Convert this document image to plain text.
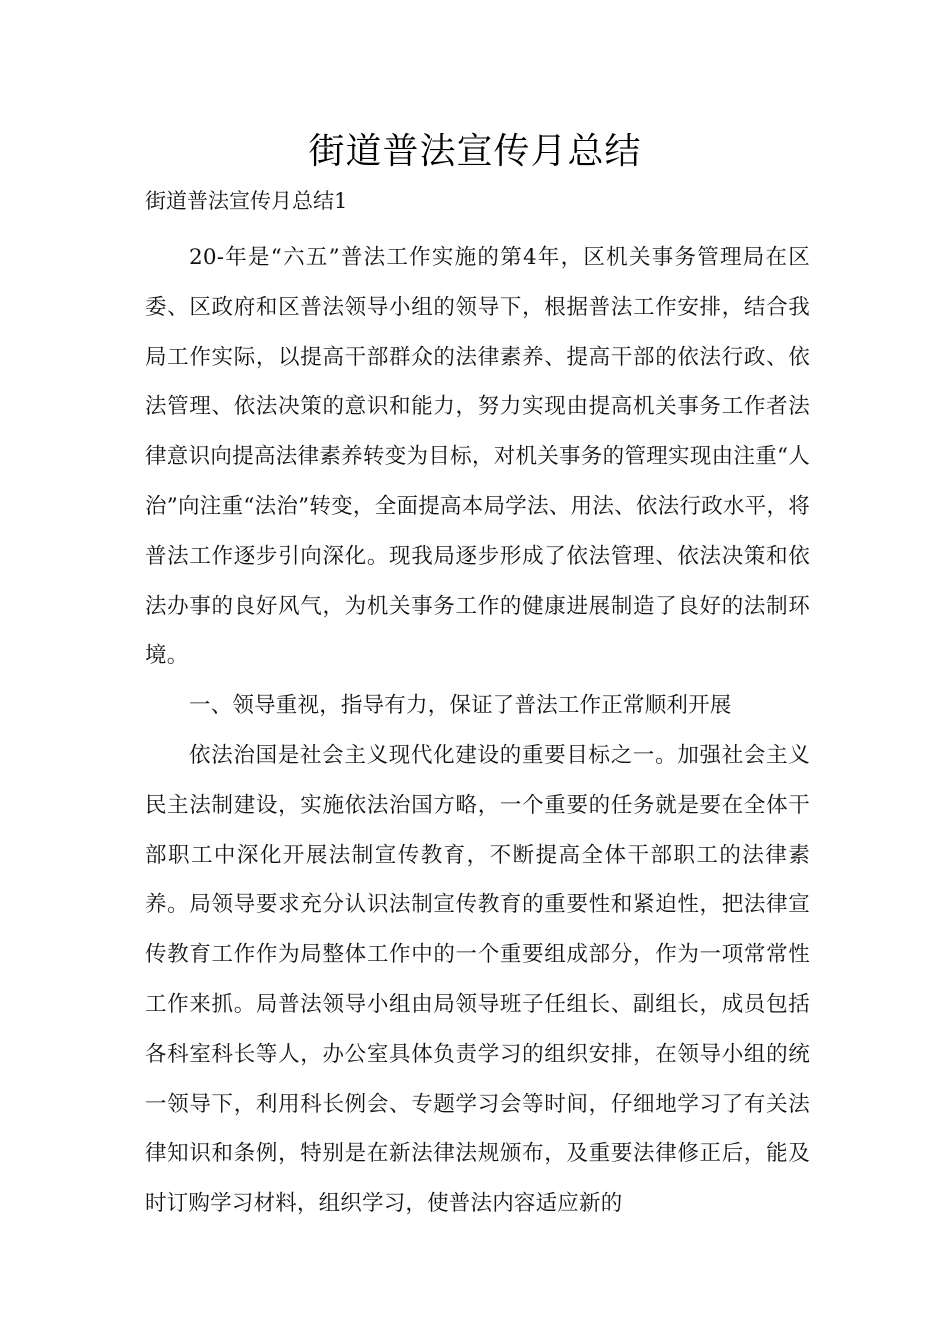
街道普法宣传月总结
街道普法宣传月总结1

20-年是“六五”普法工作实施的第4年，区机关事务管理局在区委、区政府和区普法领导小组的领导下，根据普法工作安排，结合我局工作实际，以提高干部群众的法律素养、提高干部的依法行政、依法管理、依法决策的意识和能力，努力实现由提高机关事务工作者法律意识向提高法律素养转变为目标，对机关事务的管理实现由注重“人治”向注重“法治”转变，全面提高本局学法、用法、依法行政水平，将普法工作逐步引向深化。现我局逐步形成了依法管理、依法决策和依法办事的良好风气，为机关事务工作的健康进展制造了良好的法制环境。

一、领导重视，指导有力，保证了普法工作正常顺利开展

依法治国是社会主义现代化建设的重要目标之一。加强社会主义民主法制建设，实施依法治国方略，一个重要的任务就是要在全体干部职工中深化开展法制宣传教育，不断提高全体干部职工的法律素养。局领导要求充分认识法制宣传教育的重要性和紧迫性，把法律宣传教育工作作为局整体工作中的一个重要组成部分，作为一项常常性工作来抓。局普法领导小组由局领导班子任组长、副组长，成员包括各科室科长等人，办公室具体负责学习的组织安排，在领导小组的统一领导下，利用科长例会、专题学习会等时间，仔细地学习了有关法律知识和条例，特别是在新法律法规颁布，及重要法律修正后，能及时订购学习材料，组织学习，使普法内容适应新的
